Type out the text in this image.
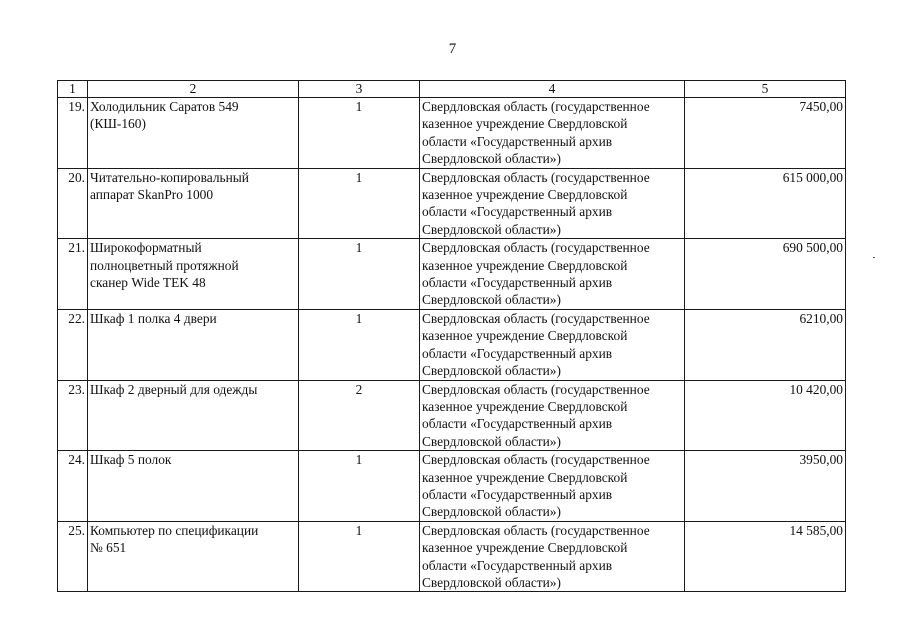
7
1	2	3	4	5
19.	Холодильник Саратов 549
(КШ-160)	1	Свердловская область (государственное
казенное учреждение Свердловской
области «Государственный архив
Свердловской области»)	7450,00
20.	Читательно-копировальный
аппарат SkanPro 1000	1	Свердловская область (государственное
казенное учреждение Свердловской
области «Государственный архив
Свердловской области»)	615 000,00
21.	Широкоформатный
полноцветный протяжной
сканер Wide TEK 48	1	Свердловская область (государственное
казенное учреждение Свердловской
области «Государственный архив
Свердловской области»)	690 500,00
22.	Шкаф 1 полка 4 двери	1	Свердловская область (государственное
казенное учреждение Свердловской
области «Государственный архив
Свердловской области»)	6210,00
23.	Шкаф 2 дверный для одежды	2	Свердловская область (государственное
казенное учреждение Свердловской
области «Государственный архив
Свердловской области»)	10 420,00
24.	Шкаф 5 полок	1	Свердловская область (государственное
казенное учреждение Свердловской
области «Государственный архив
Свердловской области»)	3950,00
25.	Компьютер по спецификации
№ 651	1	Свердловская область (государственное
казенное учреждение Свердловской
области «Государственный архив
Свердловской области»)	14 585,00
